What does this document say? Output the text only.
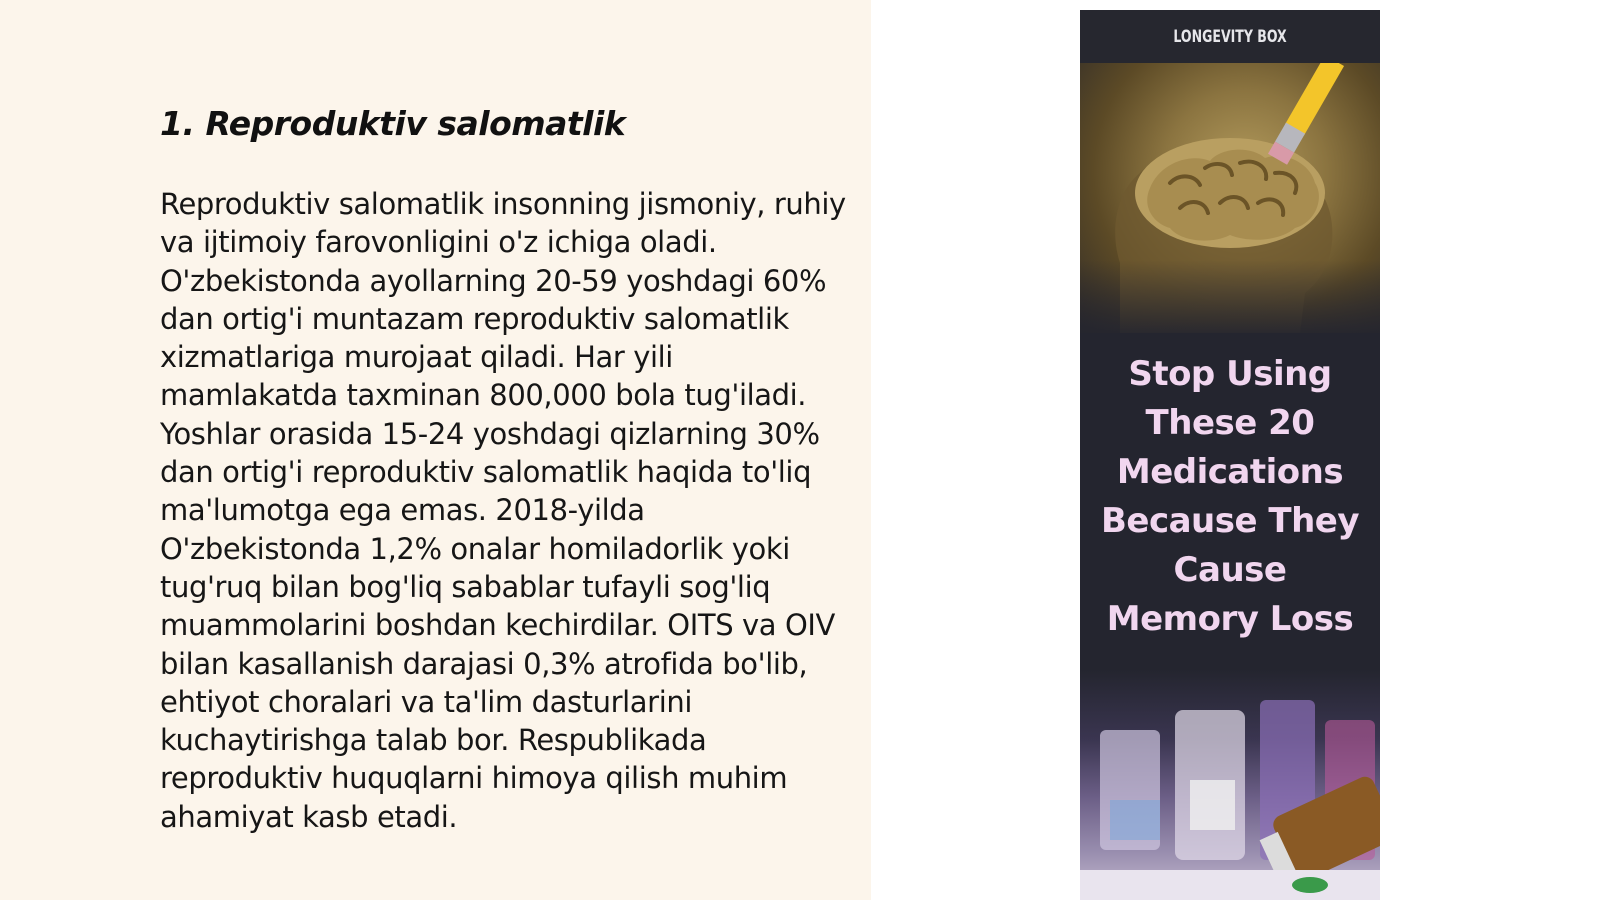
1. Reproduktiv salomatlik

Reproduktiv salomatlik insonning jismoniy, ruhiy va ijtimoiy farovonligini o'z ichiga oladi. O'zbekistonda ayollarning 20-59 yoshdagi 60% dan ortig'i muntazam reproduktiv salomatlik xizmatlariga murojaat qiladi. Har yili mamlakatda taxminan 800,000 bola tug'iladi. Yoshlar orasida 15-24 yoshdagi qizlarning 30% dan ortig'i reproduktiv salomatlik haqida to'liq ma'lumotga ega emas. 2018-yilda O'zbekistonda 1,2% onalar homiladorlik yoki tug'ruq bilan bog'liq sabablar tufayli sog'liq muammolarini boshdan kechirdilar. OITS va OIV bilan kasallanish darajasi 0,3% atrofida bo'lib, ehtiyot choralari va ta'lim dasturlarini kuchaytirishga talab bor. Respublikada reproduktiv huquqlarni himoya qilish muhim ahamiyat kasb etadi.

LONGEVITY BOX
Stop Using
These 20
Medications
Because They
Cause
Memory Loss
